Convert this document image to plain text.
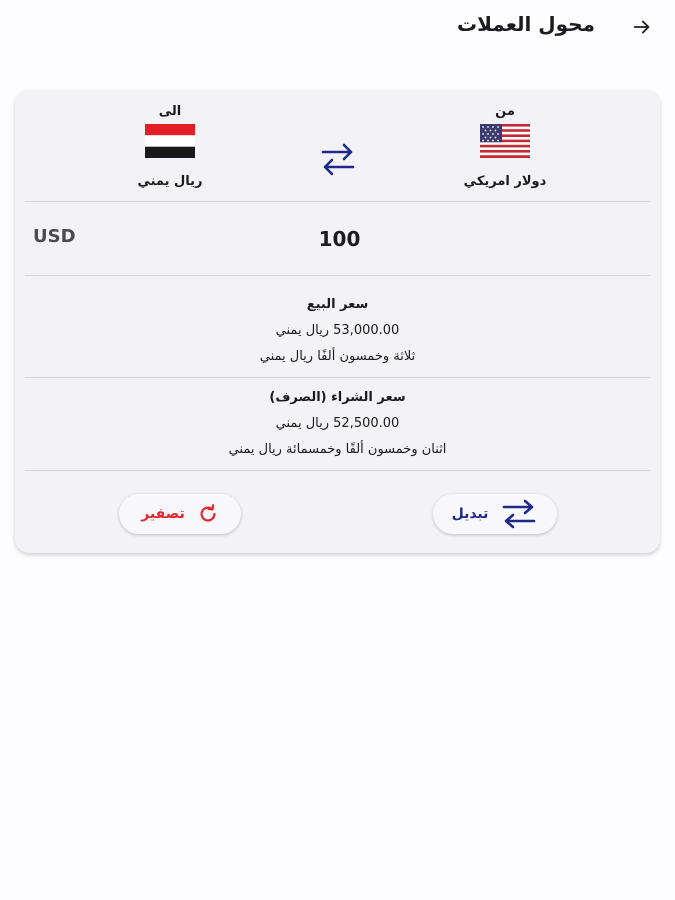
محول العملات
من
دولار امريكي
الى
ريال يمني
100
USD
سعر البيع
53,000.00 ريال يمني
ثلاثة وخمسون ألفًا ريال يمني
سعر الشراء (الصرف)
52,500.00 ريال يمني
اثنان وخمسون ألفًا وخمسمائة ريال يمني
تبديل
تصفير
